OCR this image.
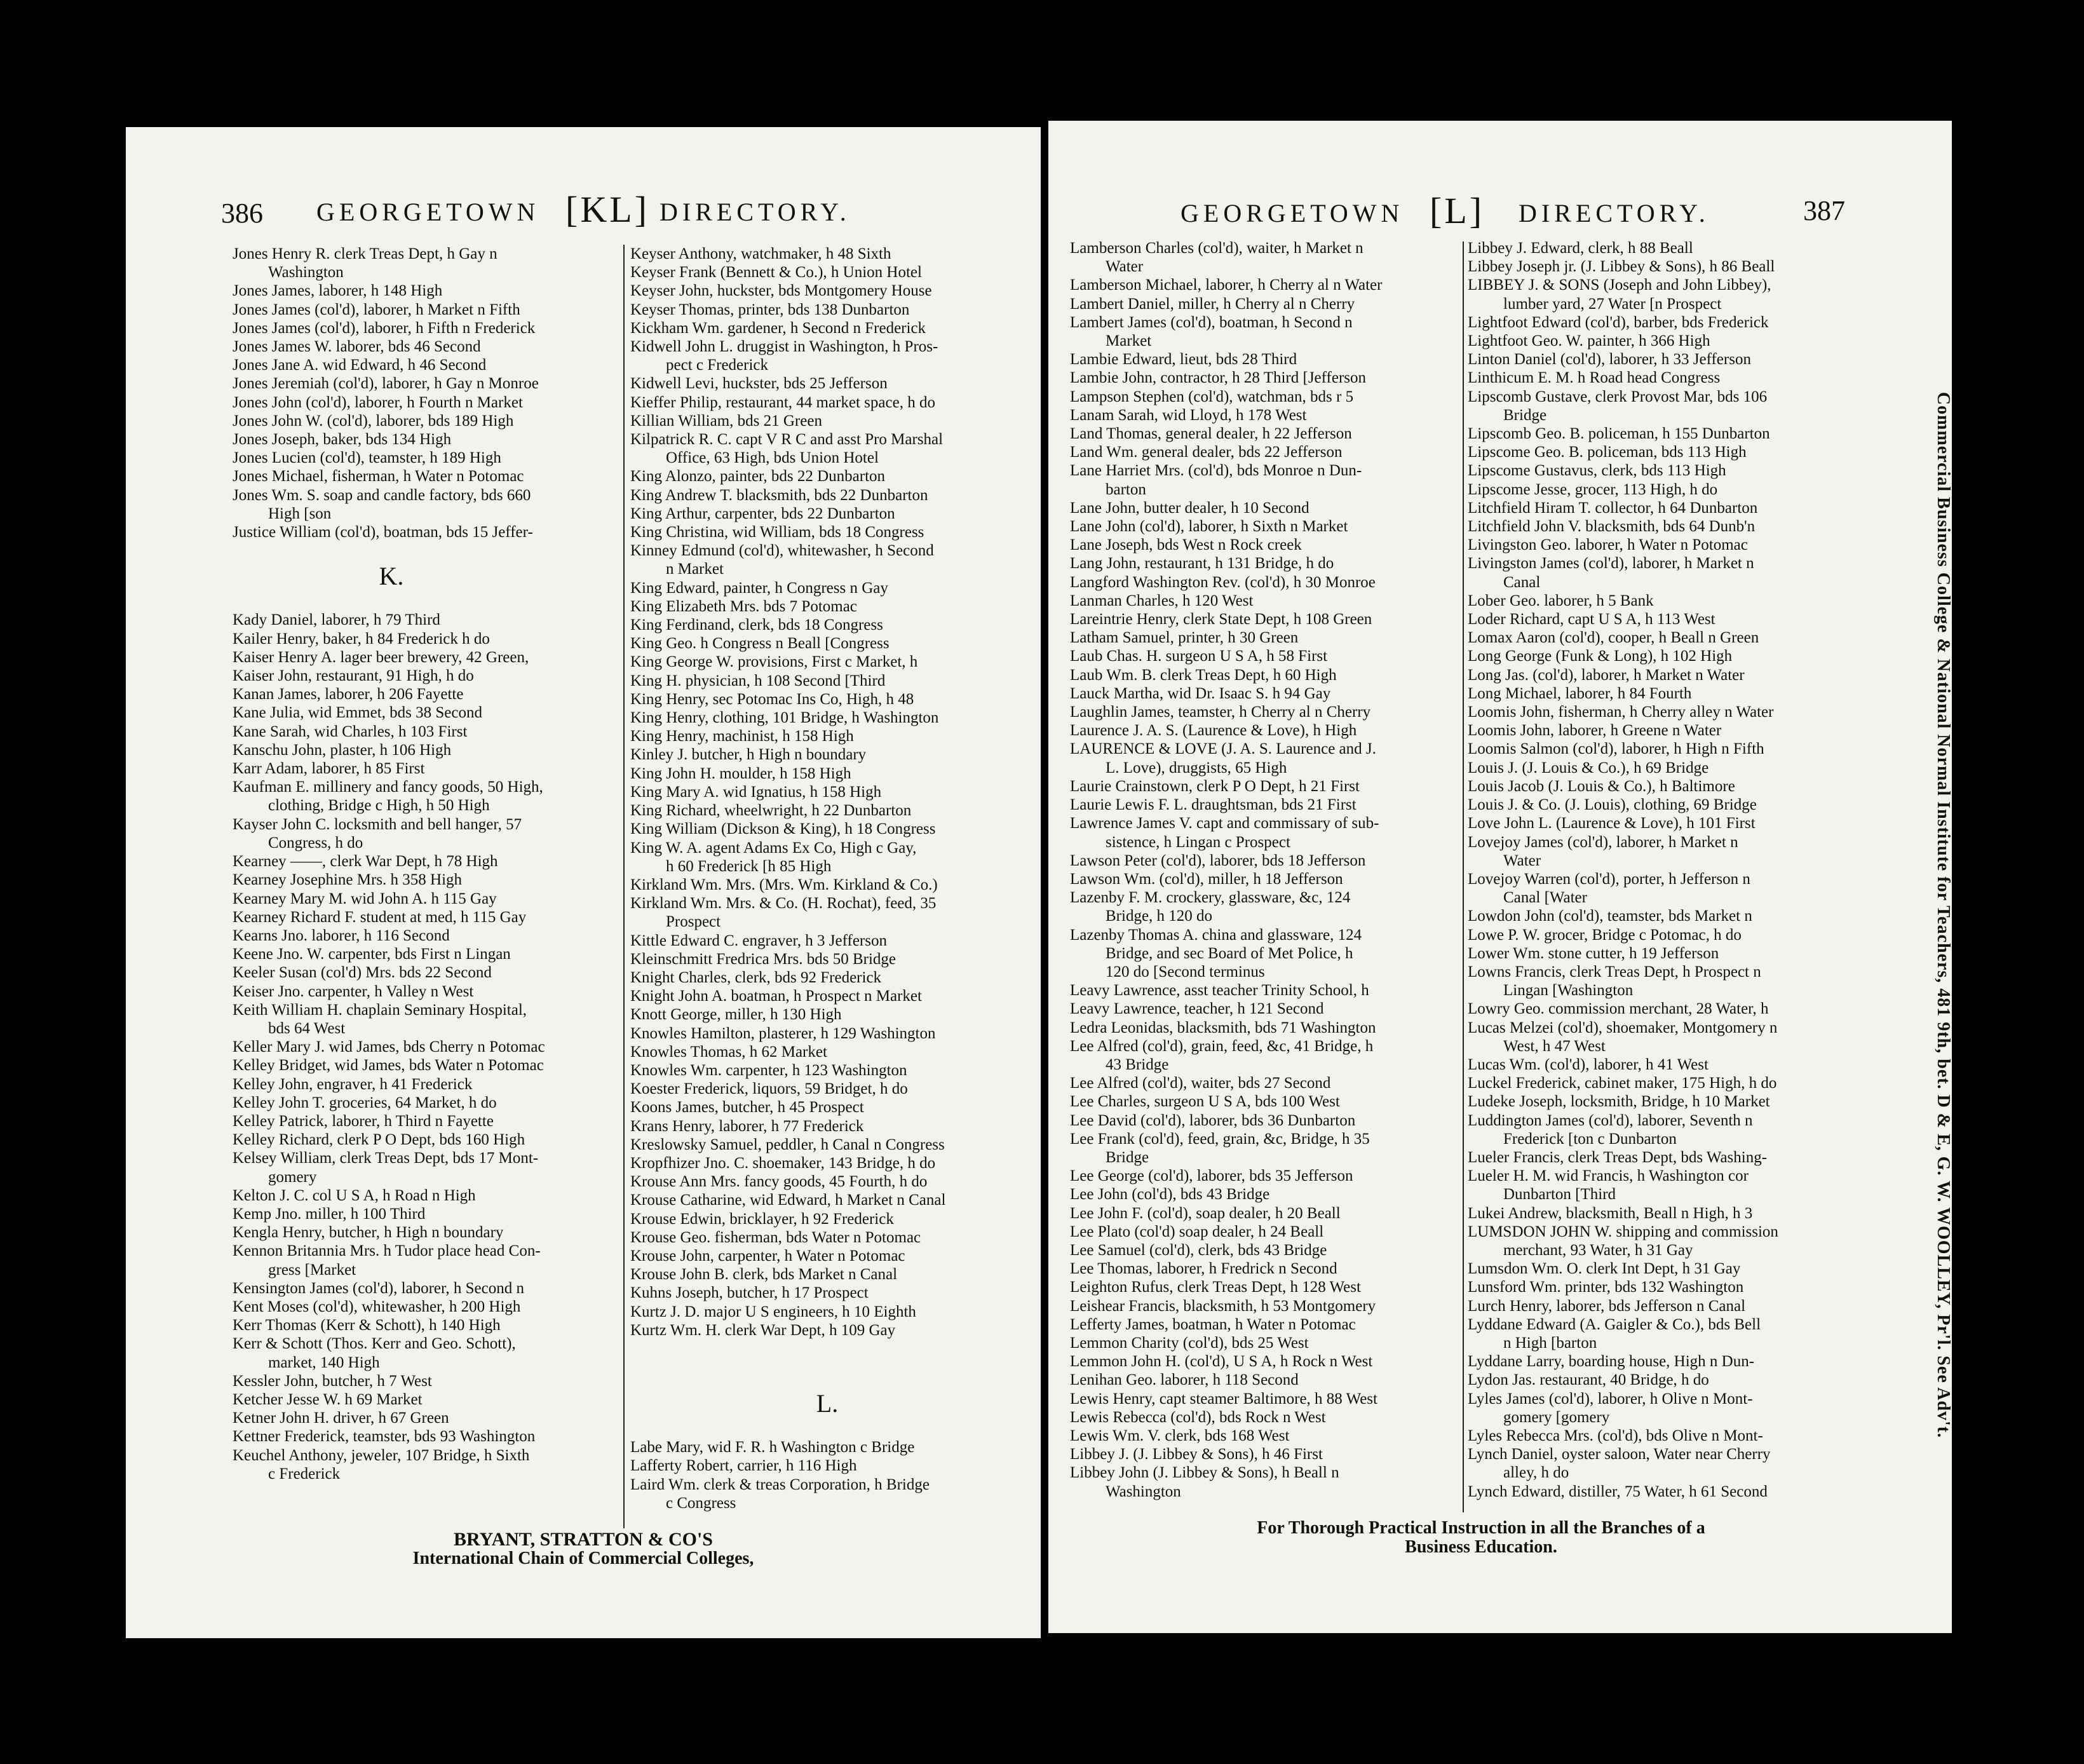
386 GEORGETOWN [KL] DIRECTORY.
Jones Henry R. clerk Treas Dept, h Gay n
Washington
Jones James, laborer, h 148 High
Jones James (col'd), laborer, h Market n Fifth
Jones James (col'd), laborer, h Fifth n Frederick
Jones James W. laborer, bds 46 Second
Jones Jane A. wid Edward, h 46 Second
Jones Jeremiah (col'd), laborer, h Gay n Monroe
Jones John (col'd), laborer, h Fourth n Market
Jones John W. (col'd), laborer, bds 189 High
Jones Joseph, baker, bds 134 High
Jones Lucien (col'd), teamster, h 189 High
Jones Michael, fisherman, h Water n Potomac
Jones Wm. S. soap and candle factory, bds 660
High [son
Justice William (col'd), boatman, bds 15 Jeffer-
K.
Kady Daniel, laborer, h 79 Third
Kailer Henry, baker, h 84 Frederick h do
Kaiser Henry A. lager beer brewery, 42 Green,
Kaiser John, restaurant, 91 High, h do
Kanan James, laborer, h 206 Fayette
Kane Julia, wid Emmet, bds 38 Second
Kane Sarah, wid Charles, h 103 First
Kanschu John, plaster, h 106 High
Karr Adam, laborer, h 85 First
Kaufman E. millinery and fancy goods, 50 High,
clothing, Bridge c High, h 50 High
Kayser John C. locksmith and bell hanger, 57
Congress, h do
Kearney ——, clerk War Dept, h 78 High
Kearney Josephine Mrs. h 358 High
Kearney Mary M. wid John A. h 115 Gay
Kearney Richard F. student at med, h 115 Gay
Kearns Jno. laborer, h 116 Second
Keene Jno. W. carpenter, bds First n Lingan
Keeler Susan (col'd) Mrs. bds 22 Second
Keiser Jno. carpenter, h Valley n West
Keith William H. chaplain Seminary Hospital,
bds 64 West
Keller Mary J. wid James, bds Cherry n Potomac
Kelley Bridget, wid James, bds Water n Potomac
Kelley John, engraver, h 41 Frederick
Kelley John T. groceries, 64 Market, h do
Kelley Patrick, laborer, h Third n Fayette
Kelley Richard, clerk P O Dept, bds 160 High
Kelsey William, clerk Treas Dept, bds 17 Mont-
gomery
Kelton J. C. col U S A, h Road n High
Kemp Jno. miller, h 100 Third
Kengla Henry, butcher, h High n boundary
Kennon Britannia Mrs. h Tudor place head Con-
gress [Market
Kensington James (col'd), laborer, h Second n
Kent Moses (col'd), whitewasher, h 200 High
Kerr Thomas (Kerr & Schott), h 140 High
Kerr & Schott (Thos. Kerr and Geo. Schott),
market, 140 High
Kessler John, butcher, h 7 West
Ketcher Jesse W. h 69 Market
Ketner John H. driver, h 67 Green
Kettner Frederick, teamster, bds 93 Washington
Keuchel Anthony, jeweler, 107 Bridge, h Sixth
c Frederick
Keyser Anthony, watchmaker, h 48 Sixth
Keyser Frank (Bennett & Co.), h Union Hotel
Keyser John, huckster, bds Montgomery House
Keyser Thomas, printer, bds 138 Dunbarton
Kickham Wm. gardener, h Second n Frederick
Kidwell John L. druggist in Washington, h Pros-
pect c Frederick
Kidwell Levi, huckster, bds 25 Jefferson
Kieffer Philip, restaurant, 44 market space, h do
Killian William, bds 21 Green
Kilpatrick R. C. capt V R C and asst Pro Marshal
Office, 63 High, bds Union Hotel
King Alonzo, painter, bds 22 Dunbarton
King Andrew T. blacksmith, bds 22 Dunbarton
King Arthur, carpenter, bds 22 Dunbarton
King Christina, wid William, bds 18 Congress
Kinney Edmund (col'd), whitewasher, h Second
n Market
King Edward, painter, h Congress n Gay
King Elizabeth Mrs. bds 7 Potomac
King Ferdinand, clerk, bds 18 Congress
King Geo. h Congress n Beall [Congress
King George W. provisions, First c Market, h
King H. physician, h 108 Second [Third
King Henry, sec Potomac Ins Co, High, h 48
King Henry, clothing, 101 Bridge, h Washington
King Henry, machinist, h 158 High
Kinley J. butcher, h High n boundary
King John H. moulder, h 158 High
King Mary A. wid Ignatius, h 158 High
King Richard, wheelwright, h 22 Dunbarton
King William (Dickson & King), h 18 Congress
King W. A. agent Adams Ex Co, High c Gay,
h 60 Frederick [h 85 High
Kirkland Wm. Mrs. (Mrs. Wm. Kirkland & Co.)
Kirkland Wm. Mrs. & Co. (H. Rochat), feed, 35
Prospect
Kittle Edward C. engraver, h 3 Jefferson
Kleinschmitt Fredrica Mrs. bds 50 Bridge
Knight Charles, clerk, bds 92 Frederick
Knight John A. boatman, h Prospect n Market
Knott George, miller, h 130 High
Knowles Hamilton, plasterer, h 129 Washington
Knowles Thomas, h 62 Market
Knowles Wm. carpenter, h 123 Washington
Koester Frederick, liquors, 59 Bridget, h do
Koons James, butcher, h 45 Prospect
Krans Henry, laborer, h 77 Frederick
Kreslowsky Samuel, peddler, h Canal n Congress
Kropfhizer Jno. C. shoemaker, 143 Bridge, h do
Krouse Ann Mrs. fancy goods, 45 Fourth, h do
Krouse Catharine, wid Edward, h Market n Canal
Krouse Edwin, bricklayer, h 92 Frederick
Krouse Geo. fisherman, bds Water n Potomac
Krouse John, carpenter, h Water n Potomac
Krouse John B. clerk, bds Market n Canal
Kuhns Joseph, butcher, h 17 Prospect
Kurtz J. D. major U S engineers, h 10 Eighth
Kurtz Wm. H. clerk War Dept, h 109 Gay
L.
Labe Mary, wid F. R. h Washington c Bridge
Lafferty Robert, carrier, h 116 High
Laird Wm. clerk & treas Corporation, h Bridge
c Congress
BRYANT, STRATTON & CO'S
International Chain of Commercial Colleges,
GEORGETOWN [L] DIRECTORY.	387
Lamberson Charles (col'd), waiter, h Market n
Water
Lamberson Michael, laborer, h Cherry al n Water
Lambert Daniel, miller, h Cherry al n Cherry
Lambert James (col'd), boatman, h Second n
Market
Lambie Edward, lieut, bds 28 Third
Lambie John, contractor, h 28 Third [Jefferson
Lampson Stephen (col'd), watchman, bds r 5
Lanam Sarah, wid Lloyd, h 178 West
Land Thomas, general dealer, h 22 Jefferson
Land Wm. general dealer, bds 22 Jefferson
Lane Harriet Mrs. (col'd), bds Monroe n Dun-
barton
Lane John, butter dealer, h 10 Second
Lane John (col'd), laborer, h Sixth n Market
Lane Joseph, bds West n Rock creek
Lang John, restaurant, h 131 Bridge, h do
Langford Washington Rev. (col'd), h 30 Monroe
Lanman Charles, h 120 West
Lareintrie Henry, clerk State Dept, h 108 Green
Latham Samuel, printer, h 30 Green
Laub Chas. H. surgeon U S A, h 58 First
Laub Wm. B. clerk Treas Dept, h 60 High
Lauck Martha, wid Dr. Isaac S. h 94 Gay
Laughlin James, teamster, h Cherry al n Cherry
Laurence J. A. S. (Laurence & Love), h High
LAURENCE & LOVE (J. A. S. Laurence and J.
L. Love), druggists, 65 High
Laurie Crainstown, clerk P O Dept, h 21 First
Laurie Lewis F. L. draughtsman, bds 21 First
Lawrence James V. capt and commissary of sub-
sistence, h Lingan c Prospect
Lawson Peter (col'd), laborer, bds 18 Jefferson
Lawson Wm. (col'd), miller, h 18 Jefferson
Lazenby F. M. crockery, glassware, &c, 124
Bridge, h 120 do
Lazenby Thomas A. china and glassware, 124
Bridge, and sec Board of Met Police, h
120 do [Second terminus
Leavy Lawrence, asst teacher Trinity School, h
Leavy Lawrence, teacher, h 121 Second
Ledra Leonidas, blacksmith, bds 71 Washington
Lee Alfred (col'd), grain, feed, &c, 41 Bridge, h
43 Bridge
Lee Alfred (col'd), waiter, bds 27 Second
Lee Charles, surgeon U S A, bds 100 West
Lee David (col'd), laborer, bds 36 Dunbarton
Lee Frank (col'd), feed, grain, &c, Bridge, h 35
Bridge
Lee George (col'd), laborer, bds 35 Jefferson
Lee John (col'd), bds 43 Bridge
Lee John F. (col'd), soap dealer, h 20 Beall
Lee Plato (col'd) soap dealer, h 24 Beall
Lee Samuel (col'd), clerk, bds 43 Bridge
Lee Thomas, laborer, h Fredrick n Second
Leighton Rufus, clerk Treas Dept, h 128 West
Leishear Francis, blacksmith, h 53 Montgomery
Lefferty James, boatman, h Water n Potomac
Lemmon Charity (col'd), bds 25 West
Lemmon John H. (col'd), U S A, h Rock n West
Lenihan Geo. laborer, h 118 Second
Lewis Henry, capt steamer Baltimore, h 88 West
Lewis Rebecca (col'd), bds Rock n West
Lewis Wm. V. clerk, bds 168 West
Libbey J. (J. Libbey & Sons), h 46 First
Libbey John (J. Libbey & Sons), h Beall n
Washington
Libbey J. Edward, clerk, h 88 Beall
Libbey Joseph jr. (J. Libbey & Sons), h 86 Beall
LIBBEY J. & SONS (Joseph and John Libbey),
lumber yard, 27 Water [n Prospect
Lightfoot Edward (col'd), barber, bds Frederick
Lightfoot Geo. W. painter, h 366 High
Linton Daniel (col'd), laborer, h 33 Jefferson
Linthicum E. M. h Road head Congress
Lipscomb Gustave, clerk Provost Mar, bds 106
Bridge
Lipscomb Geo. B. policeman, h 155 Dunbarton
Lipscome Geo. B. policeman, bds 113 High
Lipscome Gustavus, clerk, bds 113 High
Lipscome Jesse, grocer, 113 High, h do
Litchfield Hiram T. collector, h 64 Dunbarton
Litchfield John V. blacksmith, bds 64 Dunb'n
Livingston Geo. laborer, h Water n Potomac
Livingston James (col'd), laborer, h Market n
Canal
Lober Geo. laborer, h 5 Bank
Loder Richard, capt U S A, h 113 West
Lomax Aaron (col'd), cooper, h Beall n Green
Long George (Funk & Long), h 102 High
Long Jas. (col'd), laborer, h Market n Water
Long Michael, laborer, h 84 Fourth
Loomis John, fisherman, h Cherry alley n Water
Loomis John, laborer, h Greene n Water
Loomis Salmon (col'd), laborer, h High n Fifth
Louis J. (J. Louis & Co.), h 69 Bridge
Louis Jacob (J. Louis & Co.), h Baltimore
Louis J. & Co. (J. Louis), clothing, 69 Bridge
Love John L. (Laurence & Love), h 101 First
Lovejoy James (col'd), laborer, h Market n
Water
Lovejoy Warren (col'd), porter, h Jefferson n
Canal [Water
Lowdon John (col'd), teamster, bds Market n
Lowe P. W. grocer, Bridge c Potomac, h do
Lower Wm. stone cutter, h 19 Jefferson
Lowns Francis, clerk Treas Dept, h Prospect n
Lingan [Washington
Lowry Geo. commission merchant, 28 Water, h
Lucas Melzei (col'd), shoemaker, Montgomery n
West, h 47 West
Lucas Wm. (col'd), laborer, h 41 West
Luckel Frederick, cabinet maker, 175 High, h do
Ludeke Joseph, locksmith, Bridge, h 10 Market
Luddington James (col'd), laborer, Seventh n
Frederick [ton c Dunbarton
Lueler Francis, clerk Treas Dept, bds Washing-
Lueler H. M. wid Francis, h Washington cor
Dunbarton [Third
Lukei Andrew, blacksmith, Beall n High, h 3
LUMSDON JOHN W. shipping and commission
merchant, 93 Water, h 31 Gay
Lumsdon Wm. O. clerk Int Dept, h 31 Gay
Lunsford Wm. printer, bds 132 Washington
Lurch Henry, laborer, bds Jefferson n Canal
Lyddane Edward (A. Gaigler & Co.), bds Bell
n High [barton
Lyddane Larry, boarding house, High n Dun-
Lydon Jas. restaurant, 40 Bridge, h do
Lyles James (col'd), laborer, h Olive n Mont-
gomery [gomery
Lyles Rebecca Mrs. (col'd), bds Olive n Mont-
Lynch Daniel, oyster saloon, Water near Cherry
alley, h do
Lynch Edward, distiller, 75 Water, h 61 Second
For Thorough Practical Instruction in all the Branches of a
Business Education.
Commercial Business College & National Normal Institute for Teachers, 481 9th, bet. D & E, G. W. WOOLLEY, Pr'l. See Adv't.
